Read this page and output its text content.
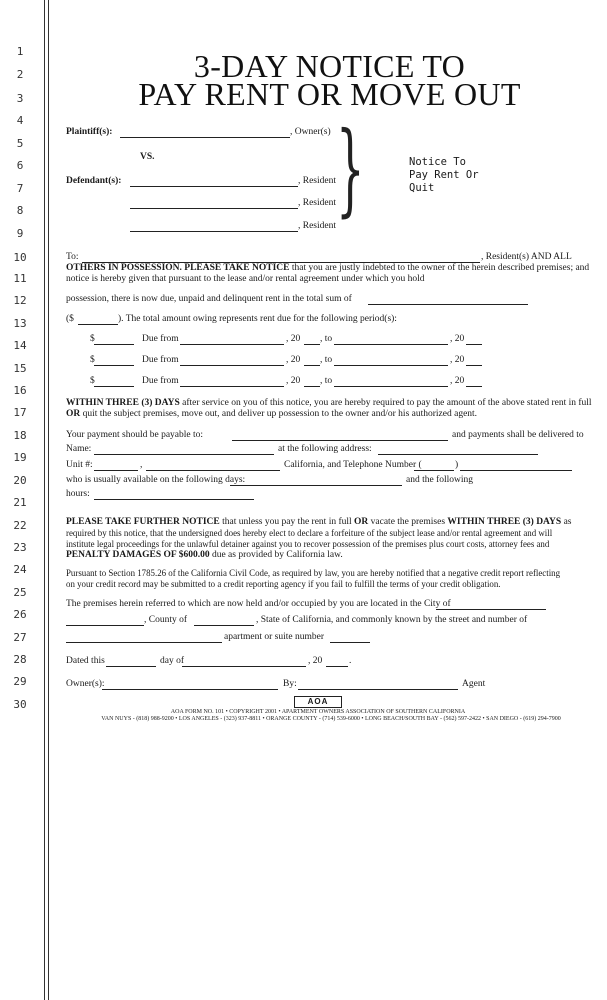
1
2
3
4
5
6
7
8
9
10
11
12
13
14
15
16
17
18
19
20
21
22
23
24
25
26
27
28
29
30
3-DAY NOTICE TO
PAY RENT OR MOVE OUT
Plaintiff(s):	, Owner(s)
VS.
Defendant(s):	, Resident
, Resident
, Resident }	Notice To
Pay Rent Or
Quit
To:	, Resident(s) AND ALL
OTHERS IN POSSESSION. PLEASE TAKE NOTICE that you are justly indebted to the owner of the herein described premises; and
notice is hereby given that pursuant to the lease and/or rental agreement under which you hold
possession, there is now due, unpaid and delinquent rent in the total sum of
($	). The total amount owing represents rent due for the following period(s):
$	Due from	, 20 , to	, 20
$	Due from	, 20 , to	, 20
$	Due from	, 20 , to	, 20
WITHIN THREE (3) DAYS after service on you of this notice, you are hereby required to pay the amount of the above stated rent in full
OR quit the subject premises, move out, and deliver up possession to the owner and/or his authorized agent.
Your payment should be payable to:	and payments shall be delivered to
Name:	at the following address:
Unit #:	,	California, and Telephone Number (	)
who is usually available on the following days:	and the following
hours:
PLEASE TAKE FURTHER NOTICE that unless you pay the rent in full OR vacate the premises WITHIN THREE (3) DAYS as
required by this notice, that the undersigned does hereby elect to declare a forfeiture of the subject lease and/or rental agreement and will
institute legal proceedings for the unlawful detainer against you to recover possession of the premises plus court costs, attorney fees and
PENALTY DAMAGES OF $600.00 due as provided by California law.
Pursuant to Section 1785.26 of the California Civil Code, as required by law, you are hereby notified that a negative credit report reflecting
on your credit record may be submitted to a credit reporting agency if you fail to fulfill the terms of your credit obligation.
The premises herein referred to which are now held and/or occupied by you are located in the City of
, County of	, State of California, and commonly known by the street and number of
apartment or suite number
Dated this	day of	, 20	.
Owner(s):	By:	Agent
AOA
AOA FORM NO. 101 • COPYRIGHT 2001 • APARTMENT OWNERS ASSOCIATION OF SOUTHERN CALIFORNIA
VAN NUYS - (818) 988-9200 • LOS ANGELES - (323) 937-8811 • ORANGE COUNTY - (714) 539-6000 • LONG BEACH/SOUTH BAY - (562) 597-2422 • SAN DIEGO - (619) 294-7900
